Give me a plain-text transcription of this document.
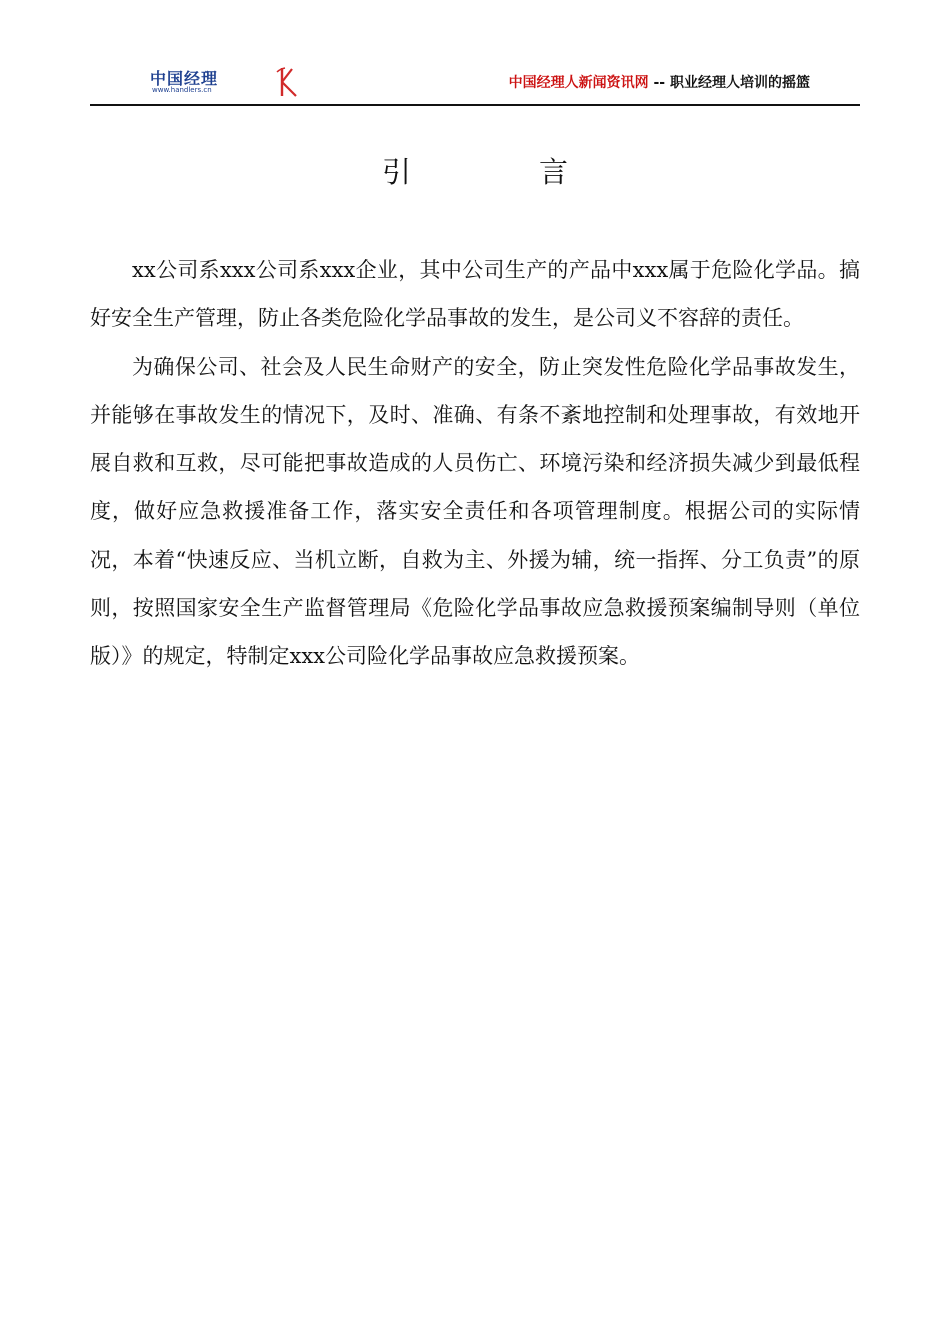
中国经理
www.handlers.cn	中国经理人新闻资讯网 -- 职业经理人培训的摇篮
引言

xx公司系xxx公司系xxx企业，其中公司生产的产品中xxx属于危险化学品。搞好安全生产管理，防止各类危险化学品事故的发生，是公司义不容辞的责任。

为确保公司、社会及人民生命财产的安全，防止突发性危险化学品事故发生，并能够在事故发生的情况下，及时、准确、有条不紊地控制和处理事故，有效地开展自救和互救，尽可能把事故造成的人员伤亡、环境污染和经济损失减少到最低程度，做好应急救援准备工作，落实安全责任和各项管理制度。根据公司的实际情况，本着“快速反应、当机立断，自救为主、外援为辅，统一指挥、分工负责”的原则，按照国家安全生产监督管理局《危险化学品事故应急救援预案编制导则（单位版）》的规定，特制定xxx公司险化学品事故应急救援预案。
